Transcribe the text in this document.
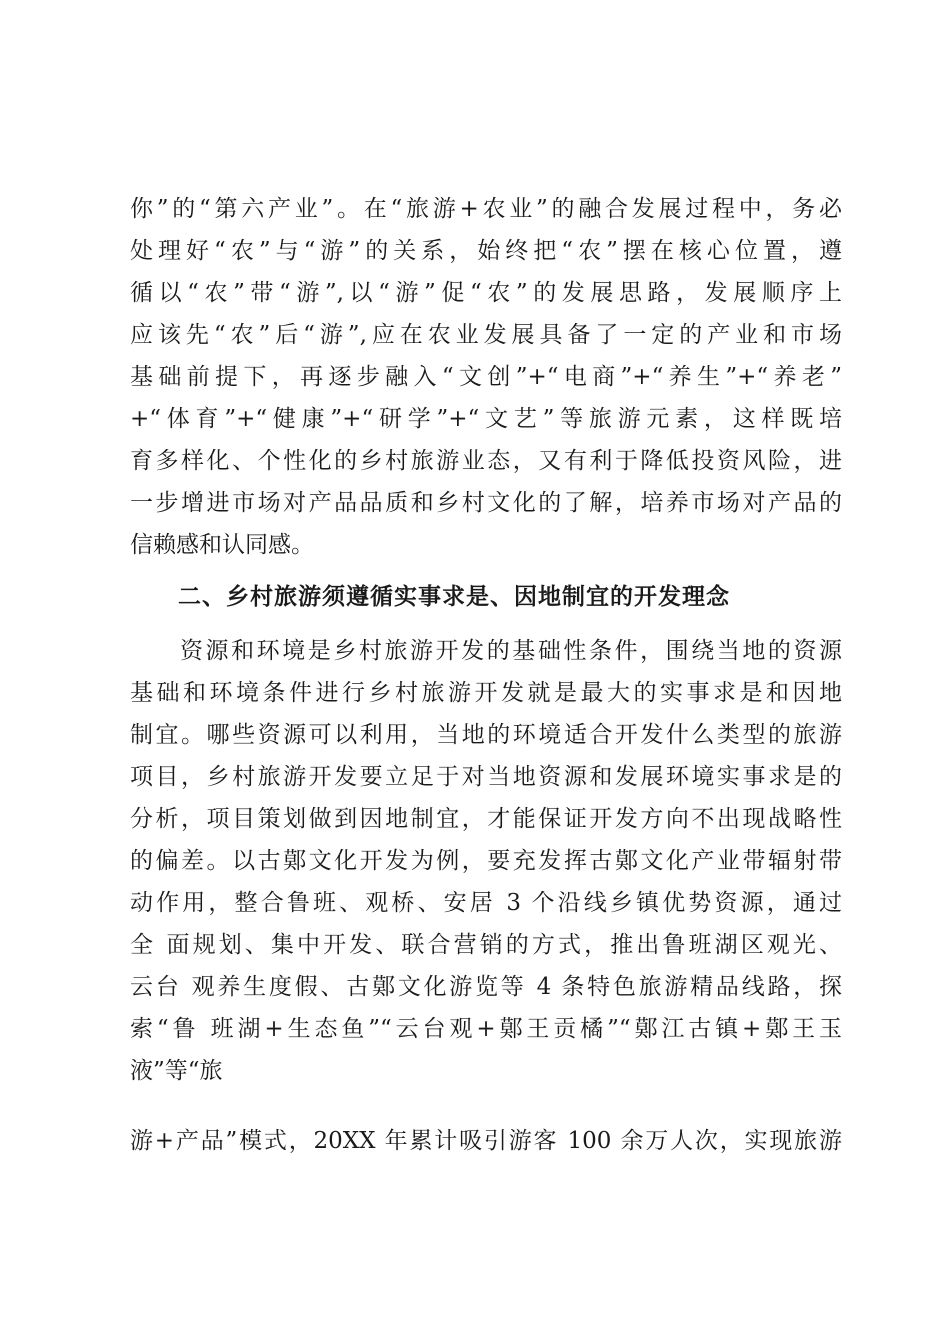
你”的“第六产业”。在“旅游+农业”的融合发展过程中，务必
处理好“农”与“游”的关系，始终把“农”摆在核心位置，遵
循以“农”带“游”,以“游”促“农”的发展思路，发展顺序上
应该先“农”后“游”,应在农业发展具备了一定的产业和市场
基础前提下，再逐步融入“文创”+“电商”+“养生”+“养老”
+“体育”+“健康”+“研学”+“文艺”等旅游元素，这样既培
育多样化、个性化的乡村旅游业态，又有利于降低投资风险，进
一步增进市场对产品品质和乡村文化的了解，培养市场对产品的
信赖感和认同感。
二、乡村旅游须遵循实事求是、因地制宜的开发理念
资源和环境是乡村旅游开发的基础性条件，围绕当地的资源
基础和环境条件进行乡村旅游开发就是最大的实事求是和因地
制宜。哪些资源可以利用，当地的环境适合开发什么类型的旅游
项目，乡村旅游开发要立足于对当地资源和发展环境实事求是的
分析，项目策划做到因地制宜，才能保证开发方向不出现战略性
的偏差。以古鄚文化开发为例，要充发挥古鄚文化产业带辐射带
动作用，整合鲁班、观桥、安居 3 个沿线乡镇优势资源，通过
全 面规划、集中开发、联合营销的方式，推出鲁班湖区观光、
云台 观养生度假、古鄚文化游览等 4 条特色旅游精品线路，探
索“鲁 班湖+生态鱼”“云台观+鄚王贡橘”“鄚江古镇+鄚王玉
液”等“旅
游+产品”模式，20XX 年累计吸引游客 100 余万人次，实现旅游
